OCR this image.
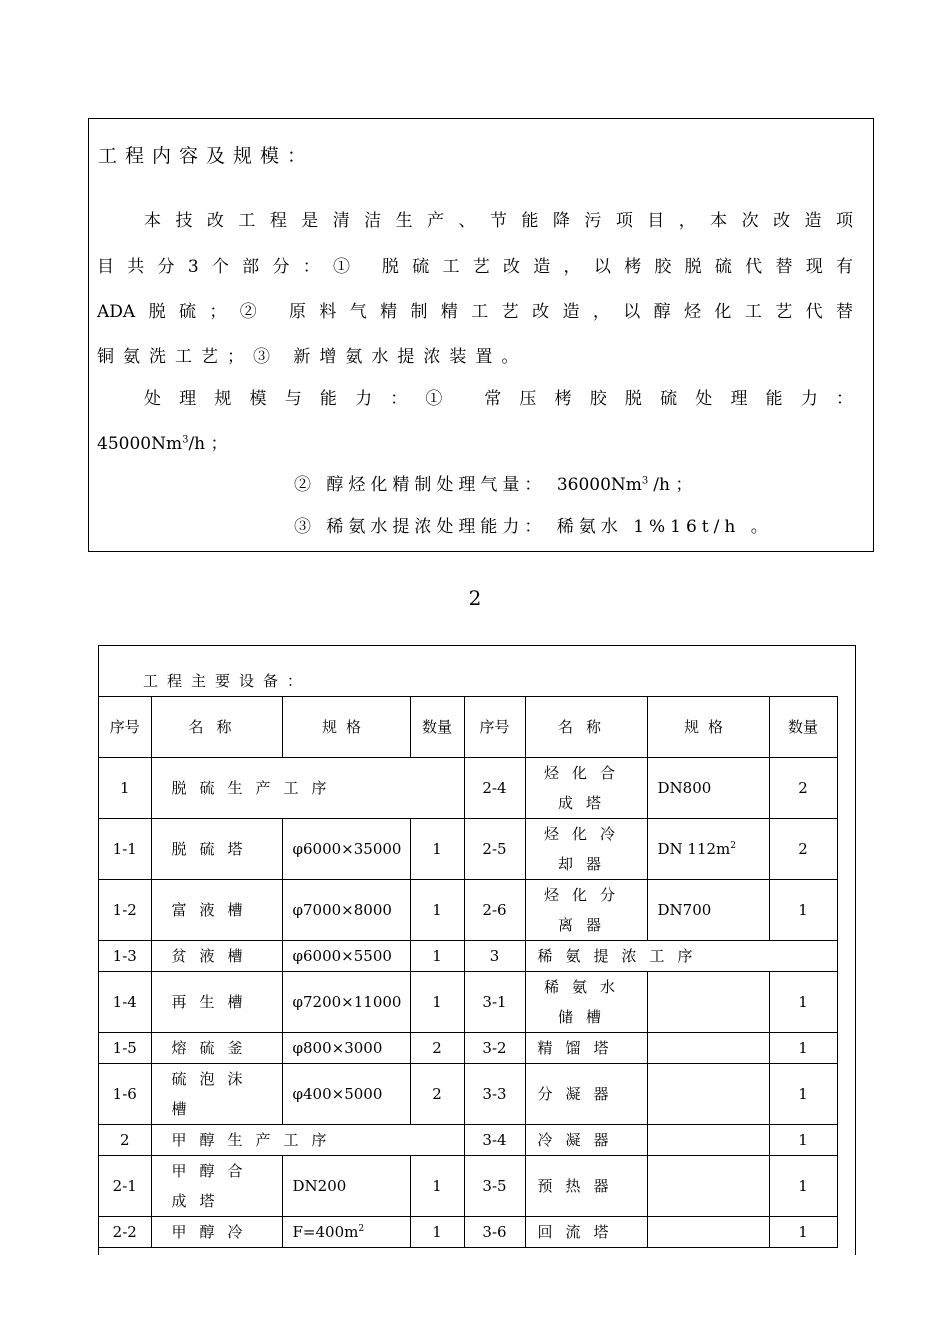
工程内容及规模：
本技改工程是清洁生产、节能降污项目，本次改造项
目共分3个部分：① 脱硫工艺改造，以栲胶脱硫代替现有
ADA脱硫；② 原料气精制精工艺改造，以醇烃化工艺代替
铜氨洗工艺；③ 新增氨水提浓装置。
处理规模与能力：① 常压栲胶脱硫处理能力：
45000Nm$^3$/h ；
② 醇烃化精制处理气量： 36000Nm$^3$/h ；
③ 稀氨水提浓处理能力： 稀氨水 1%16t/h 。
2
工程主要设备：
序号	名称	规格	数量	序号	名称	规格	数量
1	脱硫生产工序			2-4	烃化合成塔	DN800	2
1-1	脱硫塔	φ6000×35000	1	2-5	烃化冷却器	DN $112m^2$	2
1-2	富液槽	φ7000×8000	1	2-6	烃化分离器	DN700	1
1-3	贫液槽	φ6000×5500	1	3	稀氨提浓工序		
1-4	再生槽	φ7200×11000	1	3-1	稀氨水储槽		1
1-5	熔硫釜	φ800×3000	2	3-2	精馏塔		1
1-6	硫泡沫槽	φ400×5000	2	3-3	分凝器		1
2	甲醇生产工序			3-4	冷凝器		1
2-1	甲醇合成塔	DN200	1	3-5	预热器		1
2-2	甲醇冷	$F=400m^2$	1	3-6	回流塔		1
